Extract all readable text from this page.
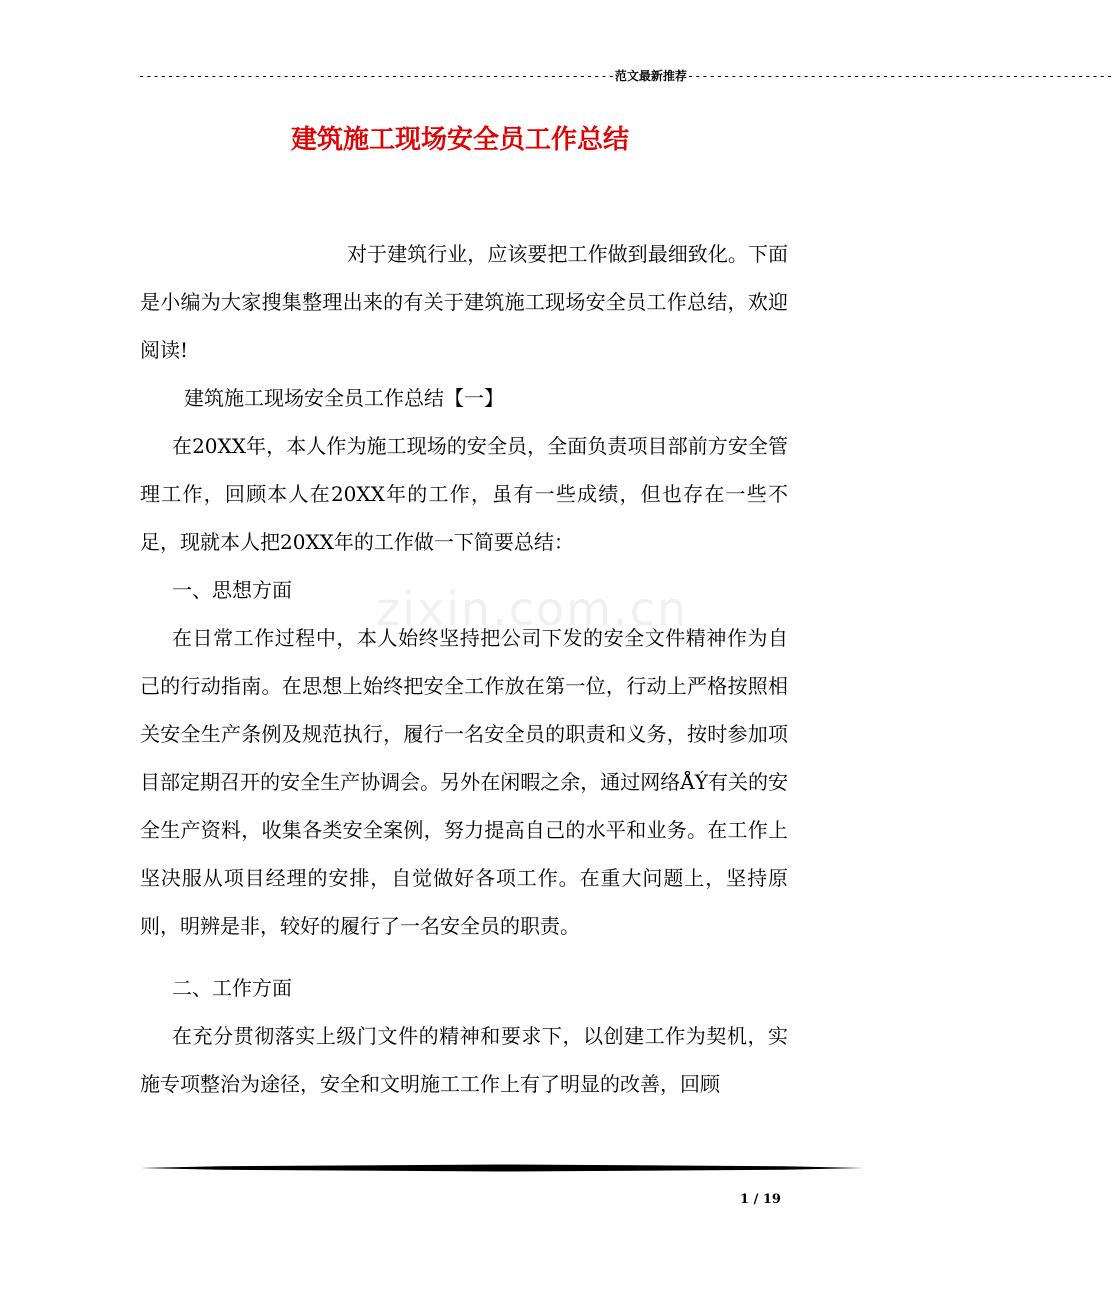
------------------------------------------------------------------范文最新推荐-----------------------------------------------------------
建筑施工现场安全员工作总结
zixin.com.cn

对于建筑行业，应该要把工作做到最细致化。下面是小编为大家搜集整理出来的有关于建筑施工现场安全员工作总结，欢迎阅读!

建筑施工现场安全员工作总结【一】

在20XX年，本人作为施工现场的安全员，全面负责项目部前方安全管理工作，回顾本人在20XX年的工作，虽有一些成绩，但也存在一些不足，现就本人把20XX年的工作做一下简要总结：

一、思想方面

在日常工作过程中，本人始终坚持把公司下发的安全文件精神作为自己的行动指南。在思想上始终把安全工作放在第一位，行动上严格按照相关安全生产条例及规范执行，履行一名安全员的职责和义务，按时参加项目部定期召开的安全生产协调会。另外在闲暇之余，通过网络ÅÝ有关的安全生产资料，收集各类安全案例，努力提高自己的水平和业务。在工作上坚决服从项目经理的安排，自觉做好各项工作。在重大问题上，坚持原则，明辨是非，较好的履行了一名安全员的职责。

二、工作方面

在充分贯彻落实上级门文件的精神和要求下，以创建工作为契机，实施专项整治为途径，安全和文明施工工作上有了明显的改善，回顾

1 / 19
